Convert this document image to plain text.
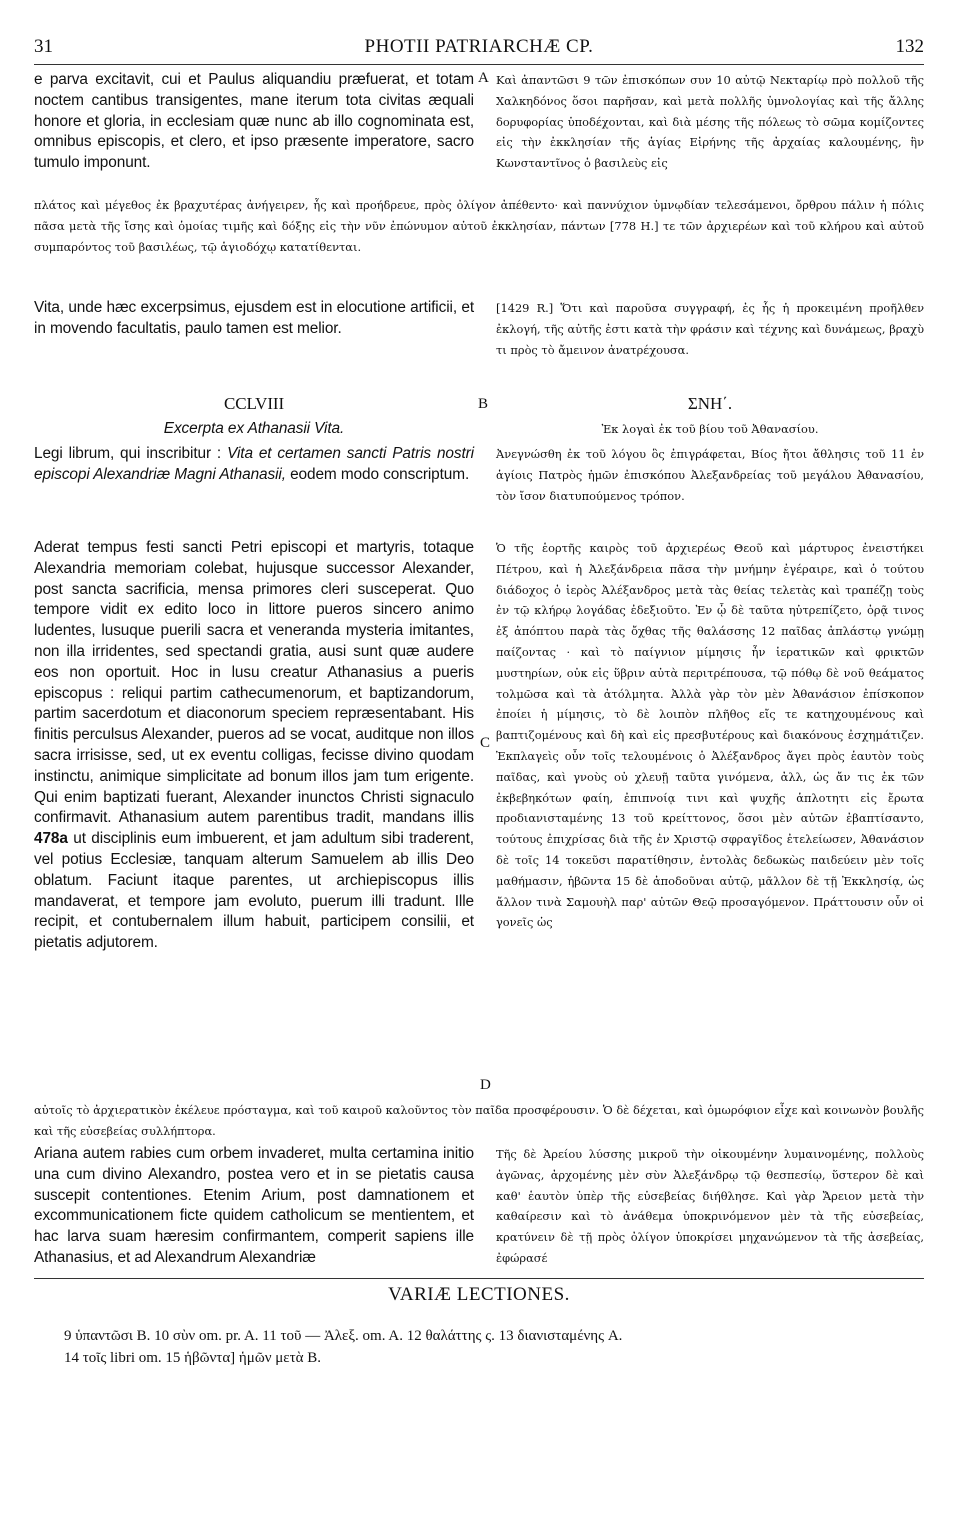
31	PHOTII PATRIARCHÆ CP.	132
e parva excitavit, cui et Paulus aliquandiu præfuerat, et totam noctem cantibus transigentes, mane iterum tota civitas æquali honore et gloria, in ecclesiam quæ nunc ab illo cognominata est, omnibus episcopis, et clero, et ipso præsente imperatore, sacro tumulo imponunt.
A Καὶ ἀπαντῶσι 9 τῶν ἐπισκόπων συν 10 αὐτῷ Νεκταρίῳ πρὸ πολλοῦ τῆς Χαλκηδόνος ὅσοι παρῆσαν, καὶ μετὰ πολλῆς ὑμνολογίας καὶ τῆς ἄλλης δορυφορίας ὑποδέχονται, καὶ διὰ μέσης τῆς πόλεως τὸ σῶμα κομίζοντες εἰς τὴν ἐκκλησίαν τῆς ἁγίας Εἰρήνης τῆς ἀρχαίας καλουμένης, ἣν Κωνσταντῖνος ὁ βασιλεὺς εἰς
πλάτος καὶ μέγεθος ἐκ βραχυτέρας ἀνήγειρεν, ἧς καὶ προήδρευε, πρὸς ὀλίγον ἀπέθεντο· καὶ παννύχιον ὑμνῳδίαν τελεσάμενοι, ὄρθρου πάλιν ἡ πόλις πᾶσα μετὰ τῆς ἴσης καὶ ὁμοίας τιμῆς καὶ δόξης εἰς τὴν νῦν ἐπώνυμον αὐτοῦ ἐκκλησίαν, πάντων [778 H.] τε τῶν ἀρχιερέων καὶ τοῦ κλήρου καὶ αὐτοῦ συμπαρόντος τοῦ βασιλέως, τῷ ἁγιοδόχῳ κατατίθενται.
Vita, unde hæc excerpsimus, ejusdem est in elocutione artificii, et in movendo facultatis, paulo tamen est melior.
[1429 R.] Ὅτι καὶ παροῦσα συγγραφή, ἐς ἧς ἡ προκειμένη προῆλθεν ἐκλογή, τῆς αὐτῆς ἐστι κατὰ τὴν φράσιν καὶ τέχνης καὶ δυνάμεως, βραχὺ τι πρὸς τὸ ἄμεινον ἀνατρέχουσα.
CCLVIII	B	ΣΝΗ΄.
Excerpta ex Athanasii Vita.	Ἐκ λογαὶ ἐκ τοῦ βίου τοῦ Ἀθανασίου.
Legi librum, qui inscribitur : Vita et certamen sancti Patris nostri episcopi Alexandriæ Magni Athanasii, eodem modo conscriptum.
Ἀνεγνώσθη ἐκ τοῦ λόγου ὃς ἐπιγράφεται, Βίος ἤτοι ἄθλησις τοῦ 11 ἐν ἁγίοις Πατρὸς ἡμῶν ἐπισκόπου Ἀλεξανδρείας τοῦ μεγάλου Ἀθανασίου, τὸν ἴσον διατυπούμενος τρόπον.
Aderat tempus festi sancti Petri episcopi et martyris, totaque Alexandria memoriam colebat, hujusque successor Alexander, post sancta sacrificia, mensa primores cleri susceperat. Quo tempore vidit ex edito loco in littore pueros sincero animo ludentes, lusuque puerili sacra et veneranda mysteria imitantes, non illa irridentes, sed spectandi gratia, ausi sunt quæ audere eos non oportuit. Hoc in lusu creatur Athanasius a pueris episcopus : reliqui partim cathecumenorum, et baptizandorum, partim sacerdotum et diaconorum speciem repræsentabant. His finitis perculsus Alexander, pueros ad se vocat, auditque non illos sacra irrisisse, sed, ut ex eventu colligas, fecisse divino quodam instinctu, animique simplicitate ad bonum illos jam tum erigente. Qui enim baptizati fuerant, Alexander inunctos Christi signaculo confirmavit. Athanasium autem parentibus tradit, mandans illis 478a ut disciplinis eum imbuerent, et jam adultum sibi traderent, vel potius Ecclesiæ, tanquam alterum Samuelem ab illis Deo oblatum. Faciunt itaque parentes, ut archiepiscopus illis mandaverat, et tempore jam evoluto, puerum illi tradunt. Ille recipit, et contubernalem illum habuit, participem consilii, et pietatis adjutorem.
C
D
Ὁ τῆς ἑορτῆς καιρὸς τοῦ ἀρχιερέως Θεοῦ καὶ μάρτυρος ἐνειστήκει Πέτρου, καὶ ἡ Ἀλεξάνδρεια πᾶσα τὴν μνήμην ἐγέραιρε, καὶ ὁ τούτου διάδοχος ὁ ἱερὸς Ἀλέξανδρος μετὰ τὰς θείας τελετὰς καὶ τραπέζῃ τοὺς ἐν τῷ κλήρῳ λογάδας ἐδεξιοῦτο. Ἐν ᾧ δὲ ταῦτα ηὐτρεπίζετο, ὁρᾷ τινος ἐξ ἀπόπτου παρὰ τὰς ὄχθας τῆς θαλάσσης 12 παῖδας ἀπλάστῳ γνώμῃ παίζοντας · καὶ τὸ παίγνιον μίμησις ἦν ἱερατικῶν καὶ φρικτῶν μυστηρίων, οὐκ εἰς ὕβριν αὐτὰ περιτρέπουσα, τῷ πόθῳ δὲ νοῦ θεάματος τολμῶσα καὶ τὰ ἀτόλμητα. Ἀλλὰ γὰρ τὸν μὲν Ἀθανάσιον ἐπίσκοπον ἐποίει ἡ μίμησις, τὸ δὲ λοιπὸν πλῆθος εἴς τε κατηχουμένους καὶ βαπτιζομένους καὶ δὴ καὶ εἰς πρεσβυτέρους καὶ διακόνους ἐσχημάτιζεν. Ἐκπλαγεὶς οὖν τοῖς τελουμένοις ὁ Ἀλέξανδρος ἄγει πρὸς ἑαυτὸν τοὺς παῖδας, καὶ γνοὺς οὐ χλευῇ ταῦτα γινόμενα, ἀλλ, ὡς ἄν τις ἐκ τῶν ἐκβεβηκότων φαίη, ἐπιπνοίᾳ τινι καὶ ψυχῆς ἁπλοτητι εἰς ἔρωτα προδιανισταμένης 13 τοῦ κρείττονος, ὅσοι μὲν αὐτῶν ἐβαπτίσαντο, τούτους ἐπιχρίσας διὰ τῆς ἐν Χριστῷ σφραγῖδος ἐτελείωσεν, Ἀθανάσιον δὲ τοῖς 14 τοκεῦσι παρατίθησιν, ἐντολὰς δεδωκὼς παιδεύειν μὲν τοῖς μαθήμασιν, ἡβῶντα 15 δὲ ἀποδοῦναι αὐτῷ, μᾶλλον δὲ τῇ Ἐκκλησίᾳ, ὡς ἄλλον τινὰ Σαμουὴλ παρ' αὐτῶν Θεῷ προσαγόμενον. Πράττουσιν οὖν οἱ γονεῖς ὡς
αὐτοῖς τὸ ἀρχιερατικὸν ἐκέλευε πρόσταγμα, καὶ τοῦ καιροῦ καλοῦντος τὸν παῖδα προσφέρουσιν. Ὁ δὲ δέχεται, καὶ ὁμωρόφιον εἶχε καὶ κοινωνὸν βουλῆς καὶ τῆς εὐσεβείας συλλήπτορα.
Ariana autem rabies cum orbem invaderet, multa certamina initio una cum divino Alexandro, postea vero et in se pietatis causa suscepit contentiones. Etenim Arium, post damnationem et excommunicationem ficte quidem catholicum se mentientem, et hac larva suam hæresim confirmantem, comperit sapiens ille Athanasius, et ad Alexandrum Alexandriæ
Τῆς δὲ Ἀρείου λύσσης μικροῦ τὴν οἰκουμένην λυμαινομένης, πολλοὺς ἀγῶνας, ἀρχομένης μὲν σὺν Ἀλεξάνδρῳ τῷ θεσπεσίῳ, ὕστερον δὲ καὶ καθ' ἑαυτὸν ὑπὲρ τῆς εὐσεβείας διήθλησε. Καὶ γὰρ Ἄρειον μετὰ τὴν καθαίρεσιν καὶ τὸ ἀνάθεμα ὑποκρινόμενον μὲν τὰ τῆς εὐσεβείας, κρατύνειν δὲ τῇ πρὸς ὀλίγον ὑποκρίσει μηχανώμενον τὰ τῆς ἀσεβείας, ἐφώρασέ
VARIÆ LECTIONES.
9 ὑπαντῶσι B. 10 σὺν om. pr. A. 11 τοῦ — Ἀλεξ. om. A. 12 θαλάττης ς. 13 διανισταμένης A.
14 τοῖς libri om. 15 ἡβῶντα] ἡμῶν μετὰ B.
